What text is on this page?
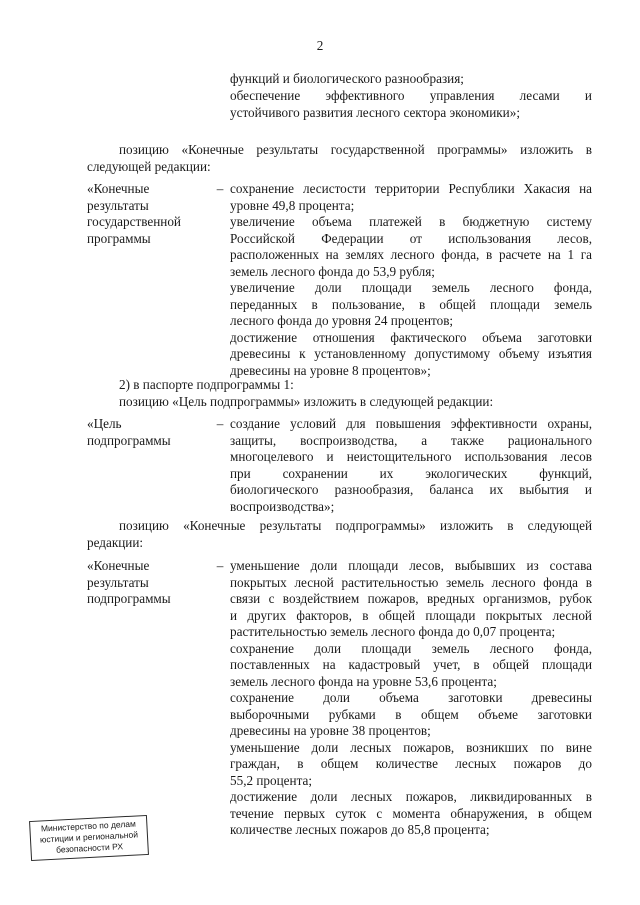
2
функций и биологического разнообразия;
обеспечение эффективного управления лесами и
устойчивого развития лесного сектора экономики»;
позицию «Конечные результаты государственной программы» изложить в
следующей редакции:
«Конечные
результаты
государственной
программы
– сохранение лесистости территории Республики Хакасия на
уровне 49,8 процента;
увеличение объема платежей в бюджетную систему
Российской Федерации от использования лесов,
расположенных на землях лесного фонда, в расчете на 1 га
земель лесного фонда до 53,9 рубля;
увеличение доли площади земель лесного фонда,
переданных в пользование, в общей площади земель
лесного фонда до уровня 24 процентов;
достижение отношения фактического объема заготовки
древесины к установленному допустимому объему изъятия
древесины на уровне 8 процентов»;
2) в паспорте подпрограммы 1:
позицию «Цель подпрограммы» изложить в следующей редакции:
«Цель
подпрограммы
– создание условий для повышения эффективности охраны,
защиты, воспроизводства, а также рационального
многоцелевого и неистощительного использования лесов
при сохранении их экологических функций,
биологического разнообразия, баланса их выбытия и
воспроизводства»;
позицию «Конечные результаты подпрограммы» изложить в следующей
редакции:
«Конечные
результаты
подпрограммы
– уменьшение доли площади лесов, выбывших из состава
покрытых лесной растительностью земель лесного фонда в
связи с воздействием пожаров, вредных организмов, рубок
и других факторов, в общей площади покрытых лесной
растительностью земель лесного фонда до 0,07 процента;
сохранение доли площади земель лесного фонда,
поставленных на кадастровый учет, в общей площади
земель лесного фонда на уровне 53,6 процента;
сохранение доли объема заготовки древесины
выборочными рубками в общем объеме заготовки
древесины на уровне 38 процентов;
уменьшение доли лесных пожаров, возникших по вине
граждан, в общем количестве лесных пожаров до
55,2 процента;
достижение доли лесных пожаров, ликвидированных в
течение первых суток с момента обнаружения, в общем
количестве лесных пожаров до 85,8 процента;
Министерство по делам
юстиции и региональной
безопасности РХ
